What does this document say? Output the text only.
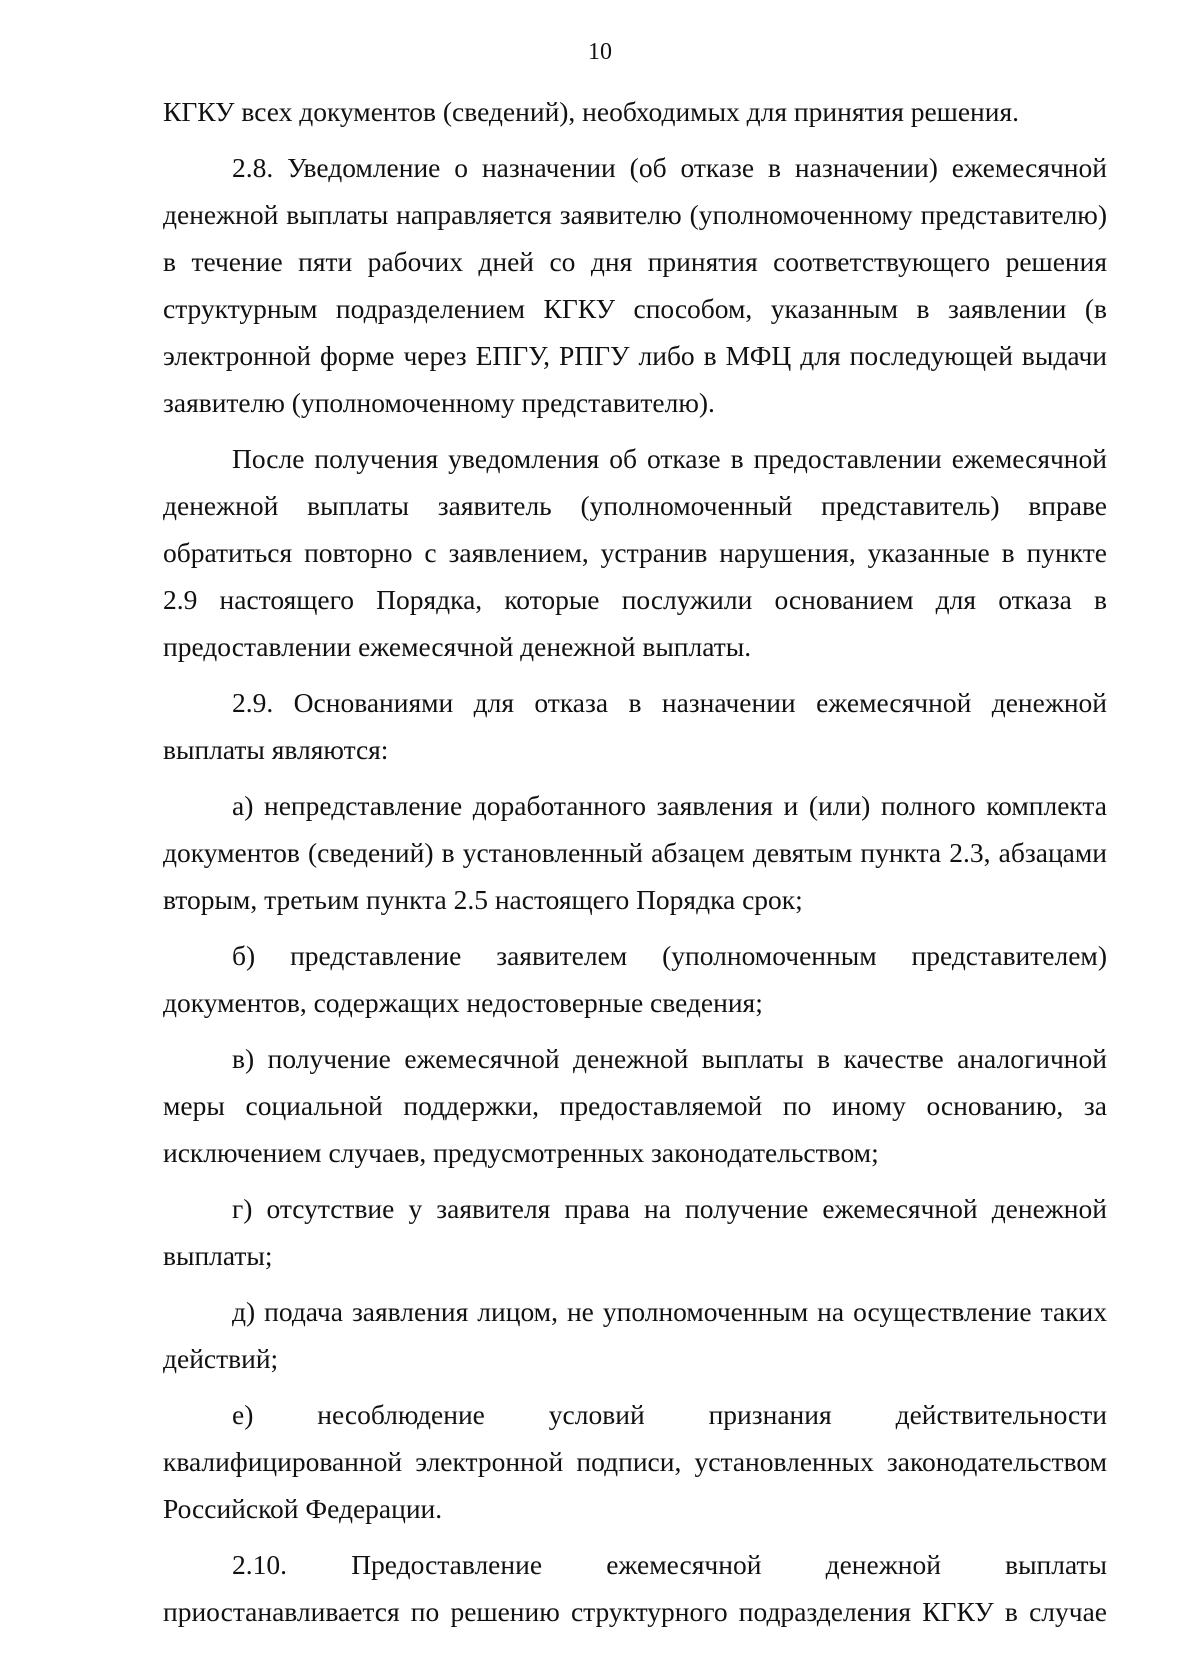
10

КГКУ всех документов (сведений), необходимых для принятия решения.

2.8. Уведомление о назначении (об отказе в назначении) ежемесячной денежной выплаты направляется заявителю (уполномоченному представителю) в течение пяти рабочих дней со дня принятия соответствующего решения структурным подразделением КГКУ способом, указанным в заявлении (в электронной форме через ЕПГУ, РПГУ либо в МФЦ для последующей выдачи заявителю (уполномоченному представителю).

После получения уведомления об отказе в предоставлении ежемесячной денежной выплаты заявитель (уполномоченный представитель) вправе обратиться повторно с заявлением, устранив нарушения, указанные в пункте 2.9 настоящего Порядка, которые послужили основанием для отказа в предоставлении ежемесячной денежной выплаты.

2.9. Основаниями для отказа в назначении ежемесячной денежной выплаты являются:

а) непредставление доработанного заявления и (или) полного комплекта документов (сведений) в установленный абзацем девятым пункта 2.3, абзацами вторым, третьим пункта 2.5 настоящего Порядка срок;

б) представление заявителем (уполномоченным представителем) документов, содержащих недостоверные сведения;

в) получение ежемесячной денежной выплаты в качестве аналогичной меры социальной поддержки, предоставляемой по иному основанию, за исключением случаев, предусмотренных законодательством;

г) отсутствие у заявителя права на получение ежемесячной денежной выплаты;

д) подача заявления лицом, не уполномоченным на осуществление таких действий;

е) несоблюдение условий признания действительности квалифицированной электронной подписи, установленных законодательством Российской Федерации.

2.10. Предоставление ежемесячной денежной выплаты приостанавливается по решению структурного подразделения КГКУ в случае
